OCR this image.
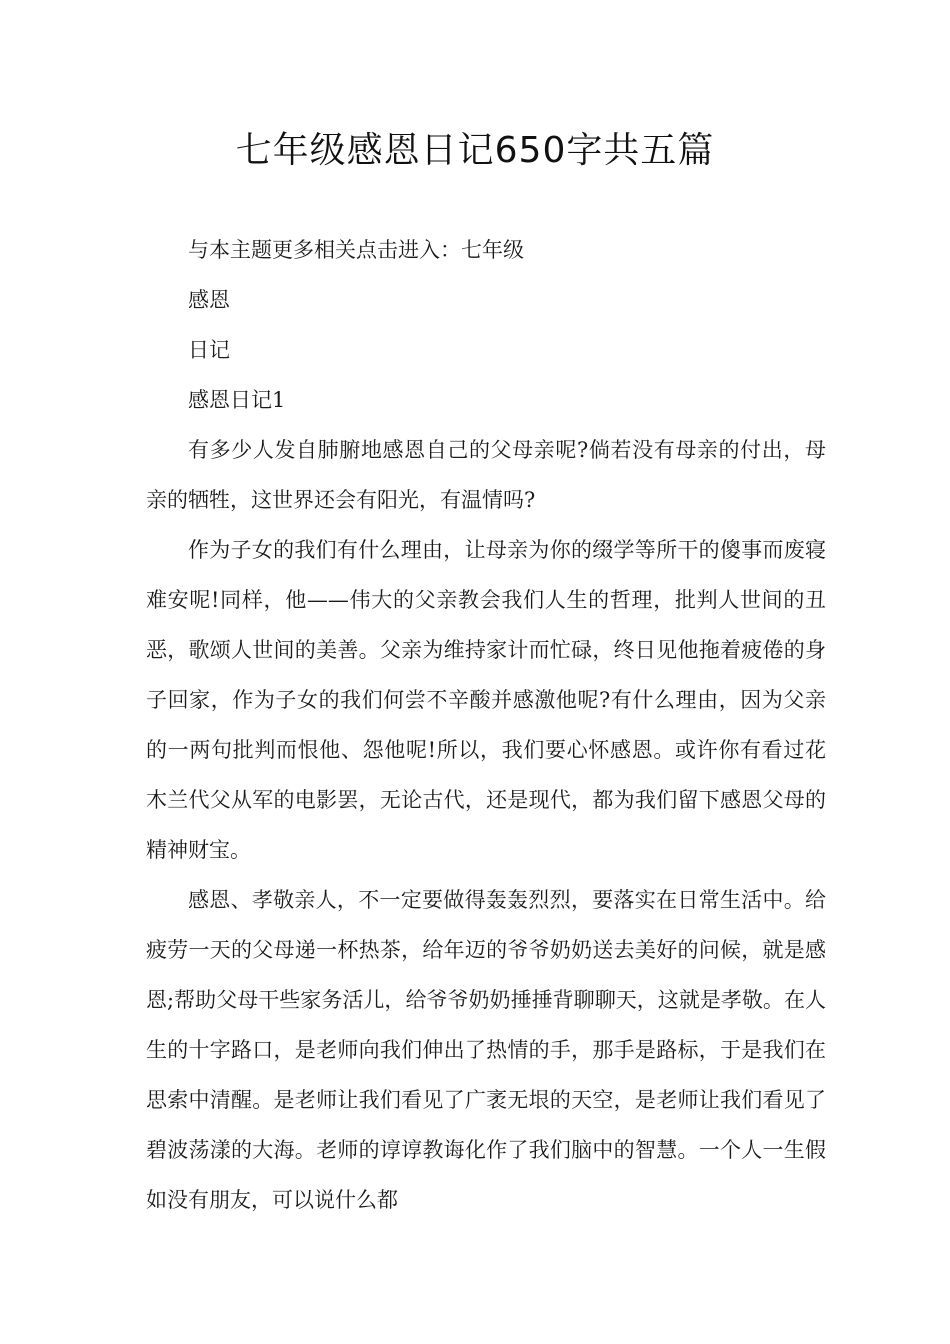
七年级感恩日记650字共五篇

与本主题更多相关点击进入：七年级

感恩

日记

感恩日记1

有多少人发自肺腑地感恩自己的父母亲呢?倘若没有母亲的付出，母亲的牺牲，这世界还会有阳光，有温情吗?

作为子女的我们有什么理由，让母亲为你的缀学等所干的傻事而废寝难安呢!同样，他——伟大的父亲教会我们人生的哲理，批判人世间的丑恶，歌颂人世间的美善。父亲为维持家计而忙碌，终日见他拖着疲倦的身子回家，作为子女的我们何尝不辛酸并感激他呢?有什么理由，因为父亲的一两句批判而恨他、怨他呢!所以，我们要心怀感恩。或许你有看过花木兰代父从军的电影罢，无论古代，还是现代，都为我们留下感恩父母的精神财宝。

感恩、孝敬亲人，不一定要做得轰轰烈烈，要落实在日常生活中。给疲劳一天的父母递一杯热茶，给年迈的爷爷奶奶送去美好的问候，就是感恩;帮助父母干些家务活儿，给爷爷奶奶捶捶背聊聊天，这就是孝敬。在人生的十字路口，是老师向我们伸出了热情的手，那手是路标，于是我们在思索中清醒。是老师让我们看见了广袤无垠的天空，是老师让我们看见了碧波荡漾的大海。老师的谆谆教诲化作了我们脑中的智慧。一个人一生假如没有朋友，可以说什么都
